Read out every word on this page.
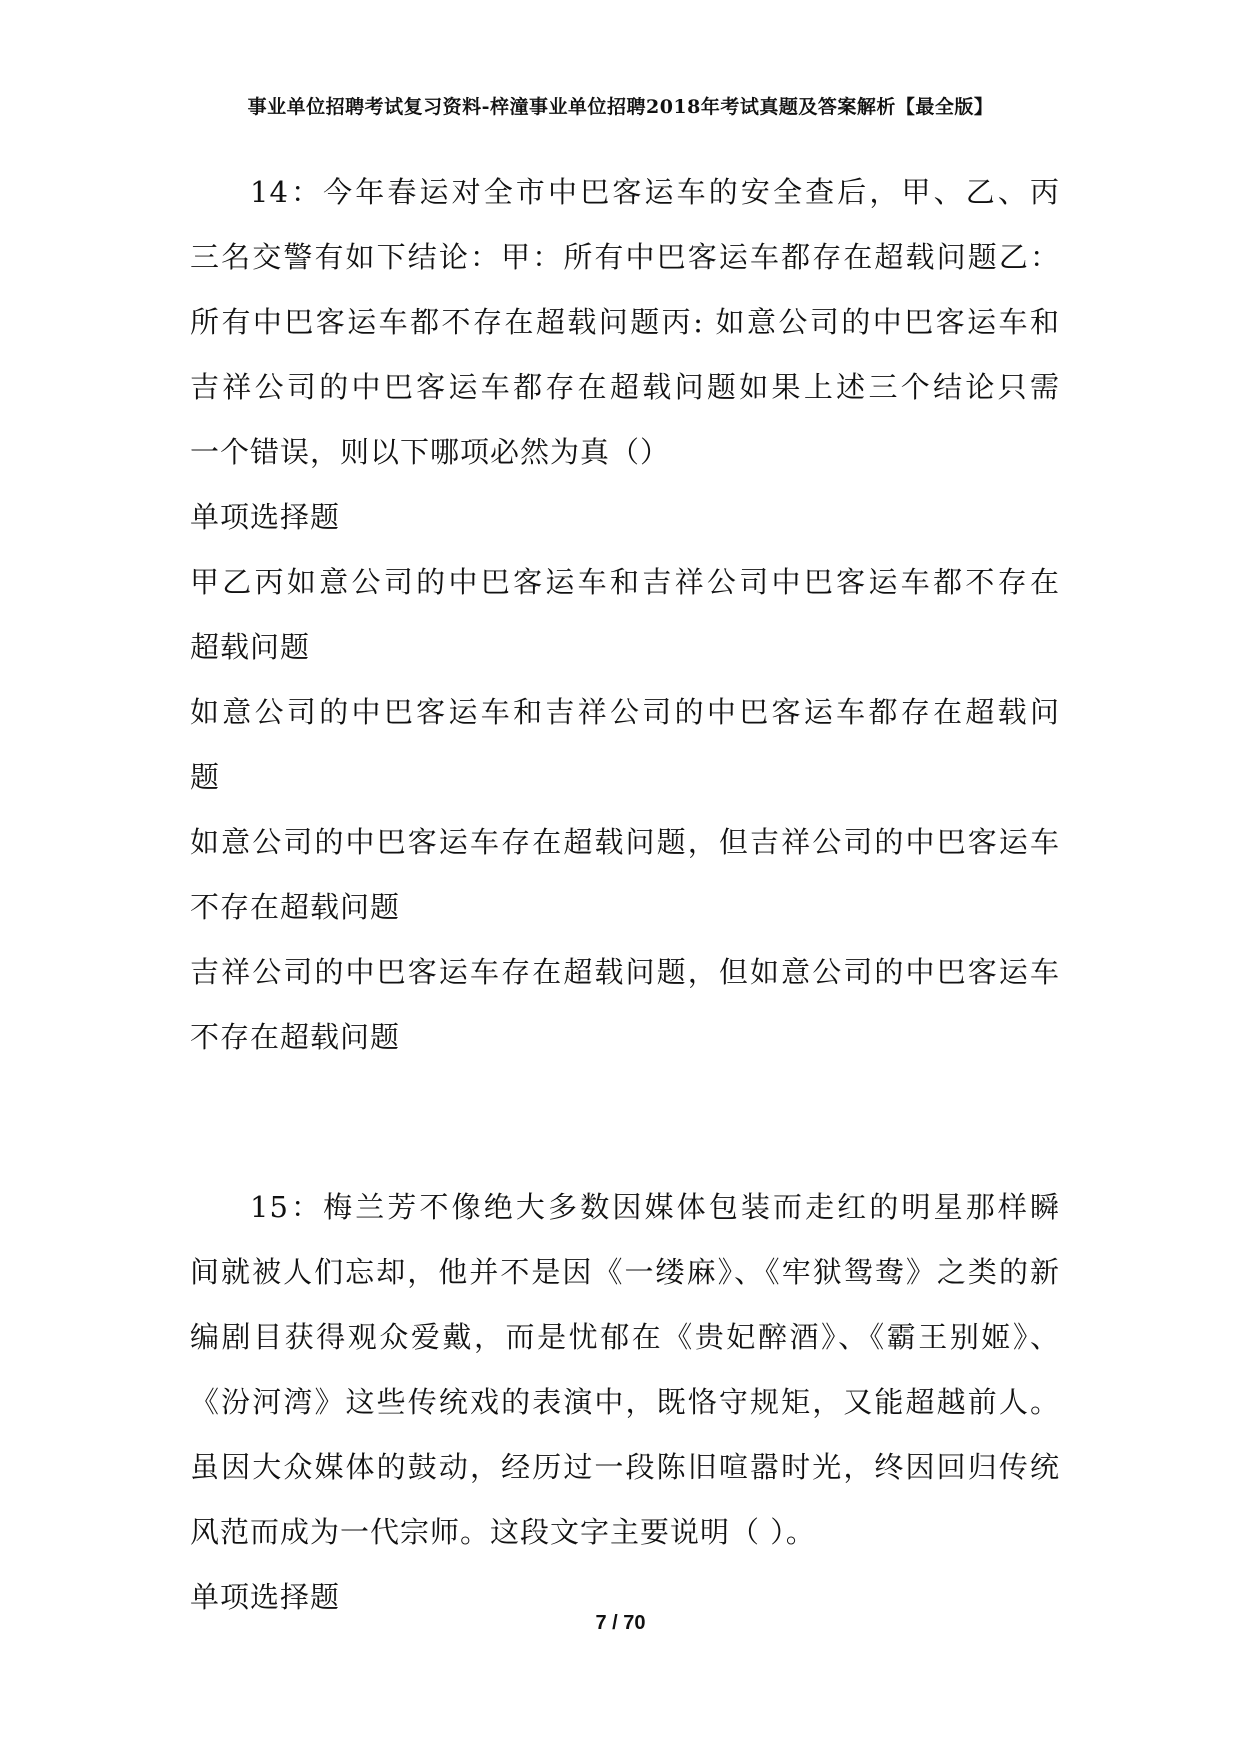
事业单位招聘考试复习资料-梓潼事业单位招聘2018年考试真题及答案解析【最全版】
14：今年春运对全市中巴客运车的安全查后，甲、乙、丙
三名交警有如下结论：甲：所有中巴客运车都存在超载问题乙：
所有中巴客运车都不存在超载问题丙: 如意公司的中巴客运车和
吉祥公司的中巴客运车都存在超载问题如果上述三个结论只需
一个错误，则以下哪项必然为真（）
单项选择题
甲乙丙如意公司的中巴客运车和吉祥公司中巴客运车都不存在
超载问题
如意公司的中巴客运车和吉祥公司的中巴客运车都存在超载问
题
如意公司的中巴客运车存在超载问题，但吉祥公司的中巴客运车
不存在超载问题
吉祥公司的中巴客运车存在超载问题，但如意公司的中巴客运车
不存在超载问题
15：梅兰芳不像绝大多数因媒体包装而走红的明星那样瞬
间就被人们忘却，他并不是因《一缕麻》、《牢狱鸳鸯》之类的新
编剧目获得观众爱戴，而是忧郁在《贵妃醉酒》、《霸王别姬》、
《汾河湾》这些传统戏的表演中，既恪守规矩，又能超越前人。
虽因大众媒体的鼓动，经历过一段陈旧喧嚣时光，终因回归传统
风范而成为一代宗师。这段文字主要说明（ ）。
单项选择题
7 / 70
